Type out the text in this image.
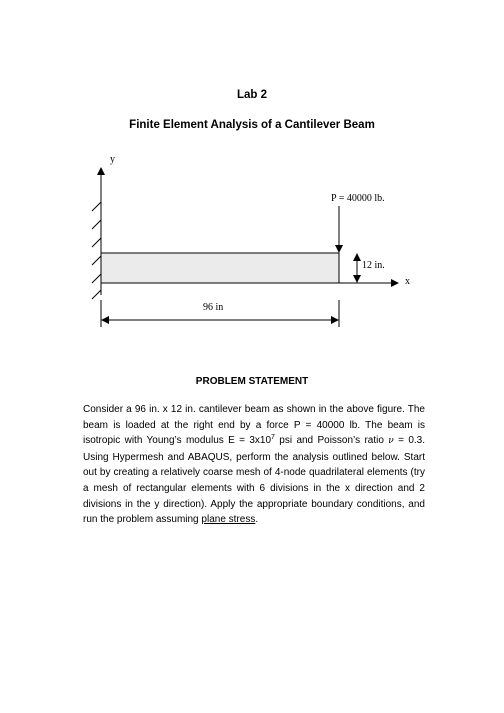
Lab 2
Finite Element Analysis of a Cantilever Beam
y
P = 40000 lb.
12 in.
x
96 in
PROBLEM STATEMENT
Consider a 96 in. x 12 in. cantilever beam as shown in the above figure. The beam is loaded at the right end by a force P = 40000 lb. The beam is isotropic with Young’s modulus $E = 3x10^7$ psi and Poisson’s ratio ν = 0.3. Using Hypermesh and ABAQUS, perform the analysis outlined below. Start out by creating a relatively coarse mesh of 4-node quadrilateral elements (try a mesh of rectangular elements with 6 divisions in the x direction and 2 divisions in the y direction). Apply the appropriate boundary conditions, and run the problem assuming plane stress.
